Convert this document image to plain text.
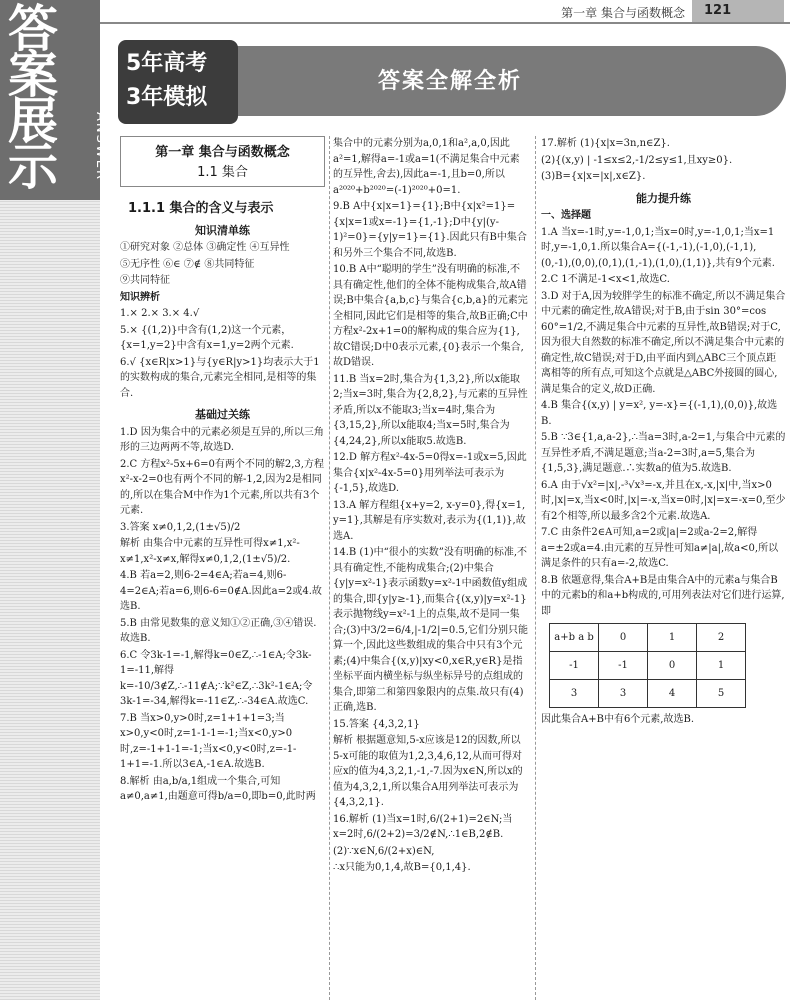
答案展示	ANSWER
第一章 集合与函数概念	121
5年高考
3年模拟
答案全解全析
第一章 集合与函数概念
1.1 集合
1.1.1 集合的含义与表示
知识清单练

①研究对象 ②总体 ③确定性 ④互异性

⑤无序性 ⑥∈ ⑦∉ ⑧共同特征

⑨共同特征

知识辨析

1.× 2.× 3.× 4.√

5.× {(1,2)}中含有(1,2)这一个元素，{x=1,y=2}中含有x=1,y=2两个元素.

6.√ {x∈R|x>1}与{y∈R|y>1}均表示大于1的实数构成的集合,元素完全相同,是相等的集合.

基础过关练

1.D 因为集合中的元素必须是互异的,所以三角形的三边两两不等,故选D.

2.C 方程x²-5x+6=0有两个不同的解2,3,方程x²-x-2=0也有两个不同的解-1,2,因为2是相同的,所以在集合M中作为1个元素,所以共有3个元素.

3.答案 x≠0,1,2,(1±√5)/2

解析 由集合中元素的互异性可得x≠1,x²-x≠1,x²-x≠x,解得x≠0,1,2,(1±√5)/2.

4.B 若a=2,则6-2=4∈A;若a=4,则6-4=2∈A;若a=6,则6-6=0∉A.因此a=2或4.故选B.

5.B 由常见数集的意义知①②正确,③④错误.故选B.

6.C 令3k-1=-1,解得k=0∈Z,∴-1∈A;令3k-1=-11,解得k=-10/3∉Z,∴-11∉A;∵k²∈Z,∴3k²-1∈A;令3k-1=-34,解得k=-11∈Z,∴-34∈A.故选C.

7.B 当x>0,y>0时,z=1+1+1=3;当x>0,y<0时,z=1-1-1=-1;当x<0,y>0时,z=-1+1-1=-1;当x<0,y<0时,z=-1-1+1=-1.所以3∈A,-1∈A.故选B.

8.解析 由a,b/a,1组成一个集合,可知a≠0,a≠1,由题意可得b/a=0,即b=0,此时两

集合中的元素分别为a,0,1和a²,a,0,因此a²=1,解得a=-1或a=1(不满足集合中元素的互异性,舍去),因此a=-1,且b=0,所以a²⁰²⁰+b²⁰²⁰=(-1)²⁰²⁰+0=1.

9.B A中{x|x=1}={1};B中{x|x²=1}={x|x=1或x=-1}={1,-1};D中{y|(y-1)²=0}={y|y=1}={1}.因此只有B中集合和另外三个集合不同,故选B.

10.B A中“聪明的学生”没有明确的标准,不具有确定性,他们的全体不能构成集合,故A错误;B中集合{a,b,c}与集合{c,b,a}的元素完全相同,因此它们是相等的集合,故B正确;C中方程x²-2x+1=0的解构成的集合应为{1},故C错误;D中0表示元素,{0}表示一个集合,故D错误.

11.B 当x=2时,集合为{1,3,2},所以x能取2;当x=3时,集合为{2,8,2},与元素的互异性矛盾,所以x不能取3;当x=4时,集合为{3,15,2},所以x能取4;当x=5时,集合为{4,24,2},所以x能取5.故选B.

12.D 解方程x²-4x-5=0得x=-1或x=5,因此集合{x|x²-4x-5=0}用列举法可表示为{-1,5},故选D.

13.A 解方程组{x+y=2, x-y=0},得{x=1, y=1},其解是有序实数对,表示为{(1,1)},故选A.

14.B (1)中“很小的实数”没有明确的标准,不具有确定性,不能构成集合;(2)中集合{y|y=x²-1}表示函数y=x²-1中函数值y组成的集合,即{y|y≥-1},而集合{(x,y)|y=x²-1}表示抛物线y=x²-1上的点集,故不是同一集合;(3)中3/2=6/4,|-1/2|=0.5,它们分别只能算一个,因此这些数组成的集合中只有3个元素;(4)中集合{(x,y)|xy<0,x∈R,y∈R}是指坐标平面内横坐标与纵坐标异号的点组成的集合,即第二和第四象限内的点集.故只有(4)正确,选B.

15.答案 {4,3,2,1}

解析 根据题意知,5-x应该是12的因数,所以5-x可能的取值为1,2,3,4,6,12,从而可得对应x的值为4,3,2,1,-1,-7.因为x∈N,所以x的值为4,3,2,1,所以集合A用列举法可表示为{4,3,2,1}.

16.解析 (1)当x=1时,6/(2+1)=2∈N;当x=2时,6/(2+2)=3/2∉N,∴1∈B,2∉B.

(2)∵x∈N,6/(2+x)∈N,

∴x只能为0,1,4,故B={0,1,4}.

17.解析 (1){x|x=3n,n∈Z}.

(2){(x,y) | -1≤x≤2,-1/2≤y≤1,且xy≥0}.

(3)B={x|x=|x|,x∈Z}.

能力提升练

一、选择题

1.A 当x=-1时,y=-1,0,1;当x=0时,y=-1,0,1;当x=1时,y=-1,0,1.所以集合A={(-1,-1),(-1,0),(-1,1),(0,-1),(0,0),(0,1),(1,-1),(1,0),(1,1)},共有9个元素.

2.C 1不满足-1<x<1,故选C.

3.D 对于A,因为较胖学生的标准不确定,所以不满足集合中元素的确定性,故A错误;对于B,由于sin 30°=cos 60°=1/2,不满足集合中元素的互异性,故B错误;对于C,因为很大自然数的标准不确定,所以不满足集合中元素的确定性,故C错误;对于D,由平面内到△ABC三个顶点距离相等的所有点,可知这个点就是△ABC外接圆的圆心,满足集合的定义,故D正确.

4.B 集合{(x,y) | y=x², y=-x}={(-1,1),(0,0)},故选B.

5.B ∵3∈{1,a,a-2},∴当a=3时,a-2=1,与集合中元素的互异性矛盾,不满足题意;当a-2=3时,a=5,集合为{1,5,3},满足题意.∴实数a的值为5.故选B.

6.A 由于√x²=|x|,-³√x³=-x,并且在x,-x,|x|中,当x>0时,|x|=x,当x<0时,|x|=-x,当x=0时,|x|=x=-x=0,至少有2个相等,所以最多含2个元素.故选A.

7.C 由条件2∈A可知,a=2或|a|=2或a-2=2,解得a=±2或a=4.由元素的互异性可知a≠|a|,故a<0,所以满足条件的只有a=-2,故选C.

8.B 依题意得,集合A+B是由集合A中的元素a与集合B中的元素b的和a+b构成的,可用列表法对它们进行运算,即

a+b a b	0	1	2
-1	-1	0	1
3	3	4	5

因此集合A+B中有6个元素,故选B.
